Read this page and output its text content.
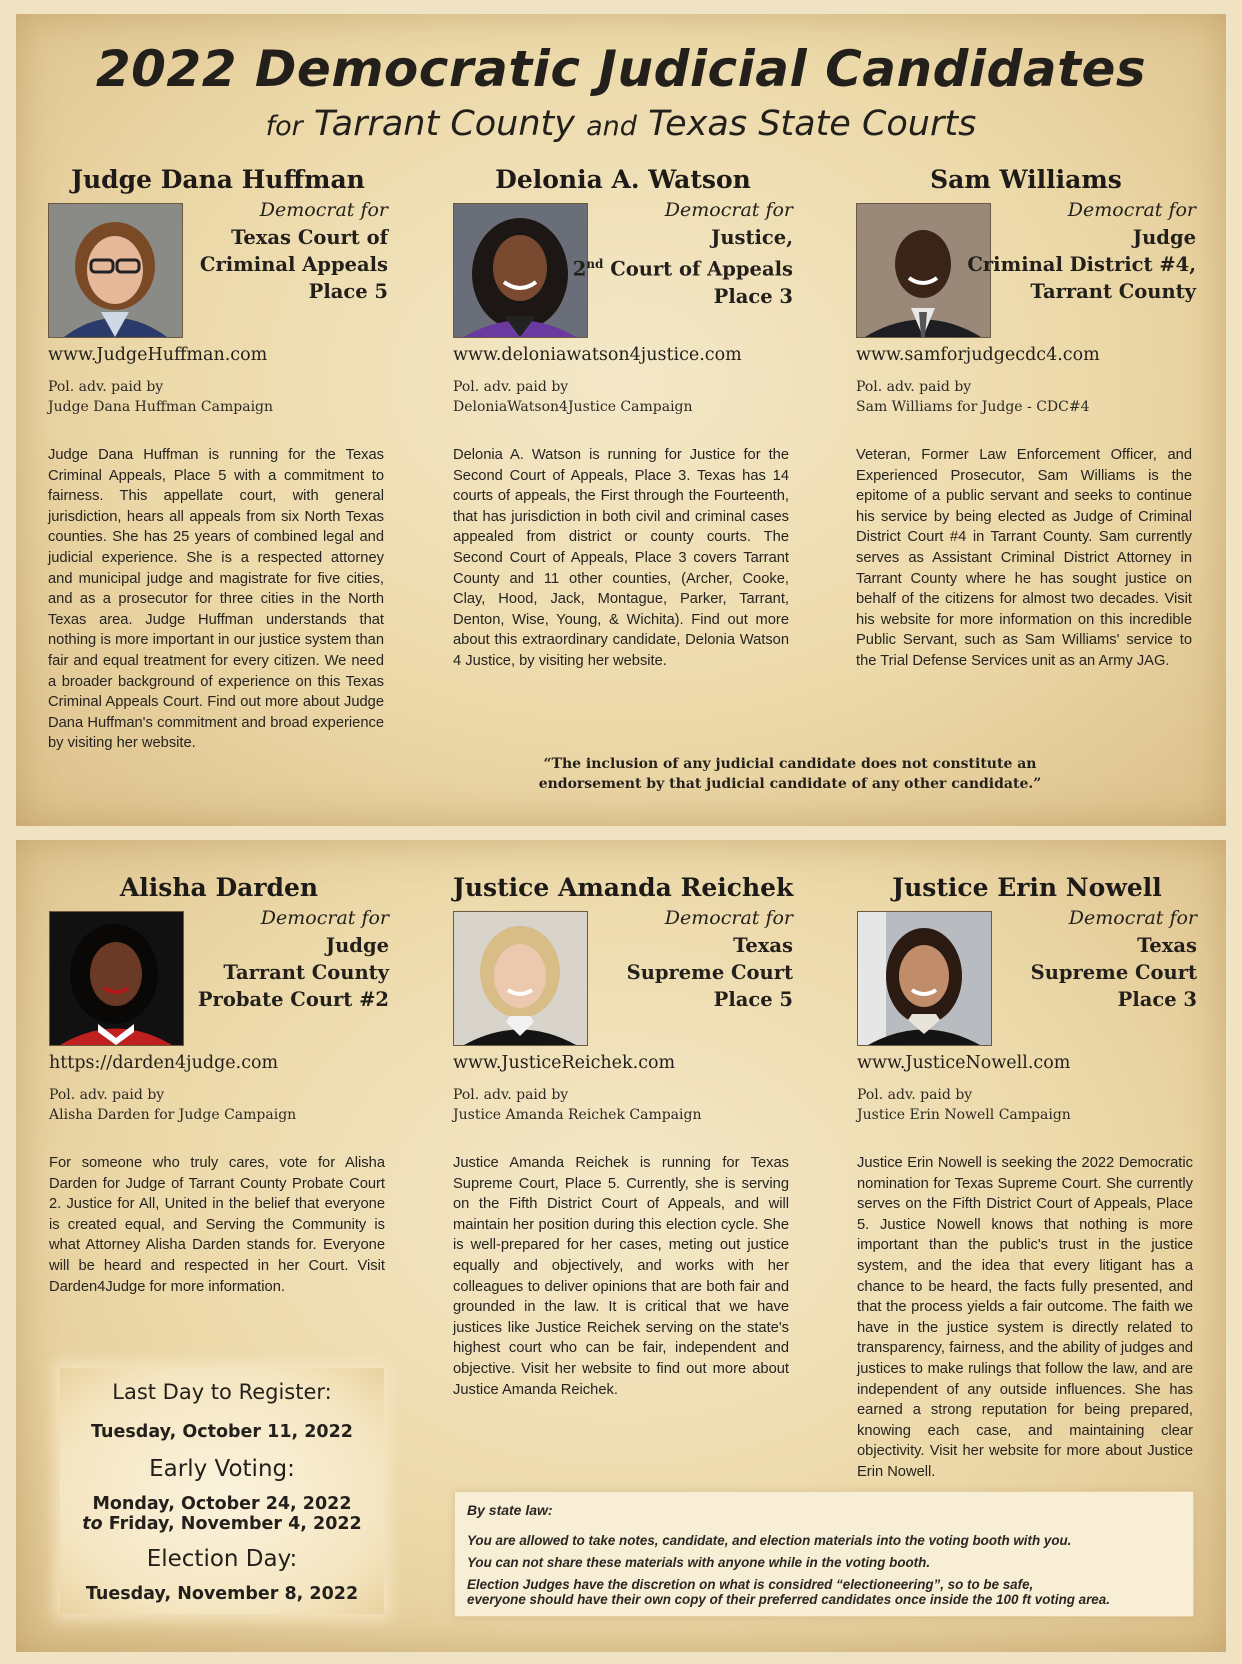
2022 Democratic Judicial Candidates
for Tarrant County and Texas State Courts
Judge Dana Huffman
Democrat for
Texas Court of
Criminal Appeals
Place 5
www.JudgeHuffman.com
Pol. adv. paid by
Judge Dana Huffman Campaign
Judge Dana Huffman is running for the Texas Criminal Appeals, Place 5 with a commitment to fairness. This appellate court, with general jurisdiction, hears all appeals from six North Texas counties. She has 25 years of combined legal and judicial experience. She is a respected attorney and municipal judge and magistrate for five cities, and as a prosecutor for three cities in the North Texas area. Judge Huffman understands that nothing is more important in our justice system than fair and equal treatment for every citizen. We need a broader background of experience on this Texas Criminal Appeals Court. Find out more about Judge Dana Huffman's commitment and broad experience by visiting her website.
Delonia A. Watson
Democrat for
Justice,
2nd Court of Appeals
Place 3
www.deloniawatson4justice.com
Pol. adv. paid by
DeloniaWatson4Justice Campaign
Delonia A. Watson is running for Justice for the Second Court of Appeals, Place 3. Texas has 14 courts of appeals, the First through the Fourteenth, that has jurisdiction in both civil and criminal cases appealed from district or county courts. The Second Court of Appeals, Place 3 covers Tarrant County and 11 other counties, (Archer, Cooke, Clay, Hood, Jack, Montague, Parker, Tarrant, Denton, Wise, Young, & Wichita). Find out more about this extraordinary candidate, Delonia Watson 4 Justice, by visiting her website.
Sam Williams
Democrat for
Judge
Criminal District #4,
Tarrant County
www.samforjudgecdc4.com
Pol. adv. paid by
Sam Williams for Judge - CDC#4
Veteran, Former Law Enforcement Officer, and Experienced Prosecutor, Sam Williams is the epitome of a public servant and seeks to continue his service by being elected as Judge of Criminal District Court #4 in Tarrant County. Sam currently serves as Assistant Criminal District Attorney in Tarrant County where he has sought justice on behalf of the citizens for almost two decades. Visit his website for more information on this incredible Public Servant, such as Sam Williams' service to the Trial Defense Services unit as an Army JAG.
“The inclusion of any judicial candidate does not constitute an endorsement by that judicial candidate of any other candidate.”
Alisha Darden
Democrat for
Judge
Tarrant County
Probate Court #2
https://darden4judge.com
Pol. adv. paid by
Alisha Darden for Judge Campaign
For someone who truly cares, vote for Alisha Darden for Judge of Tarrant County Probate Court 2. Justice for All, United in the belief that everyone is created equal, and Serving the Community is what Attorney Alisha Darden stands for. Everyone will be heard and respected in her Court. Visit Darden4Judge for more information.
Justice Amanda Reichek
Democrat for
Texas
Supreme Court
Place 5
www.JusticeReichek.com
Pol. adv. paid by
Justice Amanda Reichek Campaign
Justice Amanda Reichek is running for Texas Supreme Court, Place 5. Currently, she is serving on the Fifth District Court of Appeals, and will maintain her position during this election cycle. She is well-prepared for her cases, meting out justice equally and objectively, and works with her colleagues to deliver opinions that are both fair and grounded in the law. It is critical that we have justices like Justice Reichek serving on the state's highest court who can be fair, independent and objective. Visit her website to find out more about Justice Amanda Reichek.
Justice Erin Nowell
Democrat for
Texas
Supreme Court
Place 3
www.JusticeNowell.com
Pol. adv. paid by
Justice Erin Nowell Campaign
Justice Erin Nowell is seeking the 2022 Democratic nomination for Texas Supreme Court. She currently serves on the Fifth District Court of Appeals, Place 5. Justice Nowell knows that nothing is more important than the public's trust in the justice system, and the idea that every litigant has a chance to be heard, the facts fully presented, and that the process yields a fair outcome. The faith we have in the justice system is directly related to transparency, fairness, and the ability of judges and justices to make rulings that follow the law, and are independent of any outside influences. She has earned a strong reputation for being prepared, knowing each case, and maintaining clear objectivity. Visit her website for more about Justice Erin Nowell.
Last Day to Register:
Tuesday, October 11, 2022
Early Voting:
Monday, October 24, 2022
to Friday, November 4, 2022
Election Day:
Tuesday, November 8, 2022

By state law:

You are allowed to take notes, candidate, and election materials into the voting booth with you.

You can not share these materials with anyone while in the voting booth.

Election Judges have the discretion on what is considred “electioneering”, so to be safe,

everyone should have their own copy of their preferred candidates once inside the 100 ft voting area.
